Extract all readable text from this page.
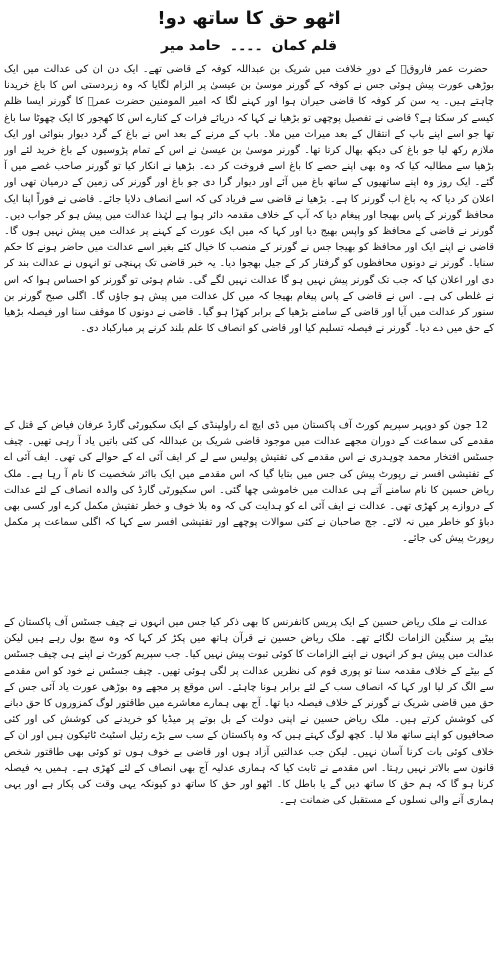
اٹھو حق کا ساتھ دو!
قلم کمان ۔۔۔۔ حامد میر

حضرت عمر فاروقؓ کے دورِ خلافت میں شریک بن عبداللہ کوفہ کے قاضی تھے۔ ایک دن ان کی عدالت میں ایک بوڑھی عورت پیش ہوئی جس نے کوفہ کے گورنر موسیٰ بن عیسیٰ پر الزام لگایا کہ وہ زبردستی اس کا باغ خریدنا چاہتے ہیں۔ یہ سن کر کوفہ کا قاضی حیران ہوا اور کہنے لگا کہ امیر المومنین حضرت عمرؓ کا گورنر ایسا ظلم کیسے کر سکتا ہے؟ قاضی نے تفصیل پوچھی تو بڑھیا نے کہا کہ دریائے فرات کے کنارے اس کا کھجور کا ایک چھوٹا سا باغ تھا جو اسے اپنے باپ کے انتقال کے بعد میراث میں ملا۔ باپ کے مرنے کے بعد اس نے باغ کے گرد دیوار بنوائی اور ایک ملازم رکھ لیا جو باغ کی دیکھ بھال کرتا تھا۔ گورنر موسیٰ بن عیسیٰ نے اس کے تمام پڑوسیوں کے باغ خرید لئے اور بڑھیا سے مطالبہ کیا کہ وہ بھی اپنے حصے کا باغ اسے فروخت کر دے۔ بڑھیا نے انکار کیا تو گورنر صاحب غصے میں آ گئے۔ ایک روز وہ اپنے ساتھیوں کے ساتھ باغ میں آئے اور دیوار گرا دی جو باغ اور گورنر کی زمین کے درمیان تھی اور اعلان کر دیا کہ یہ باغ اب گورنر کا ہے۔ بڑھیا نے قاضی سے فریاد کی کہ اسے انصاف دلایا جائے۔ قاضی نے فوراً اپنا ایک محافظ گورنر کے پاس بھیجا اور پیغام دیا کہ آپ کے خلاف مقدمہ دائر ہوا ہے لہٰذا عدالت میں پیش ہو کر جواب دیں۔ گورنر نے قاضی کے محافظ کو واپس بھیج دیا اور کہا کہ میں ایک عورت کے کہنے پر عدالت میں پیش نہیں ہوں گا۔ قاضی نے اپنے ایک اور محافظ کو بھیجا جس نے گورنر کے منصب کا خیال کئے بغیر اسے عدالت میں حاضر ہونے کا حکم سنایا۔ گورنر نے دونوں محافظوں کو گرفتار کر کے جیل بھجوا دیا۔ یہ خبر قاضی تک پہنچی تو انہوں نے عدالت بند کر دی اور اعلان کیا کہ جب تک گورنر پیش نہیں ہو گا عدالت نہیں لگے گی۔ شام ہوئی تو گورنر کو احساس ہوا کہ اس نے غلطی کی ہے۔ اس نے قاضی کے پاس پیغام بھیجا کہ میں کل عدالت میں پیش ہو جاؤں گا۔ اگلی صبح گورنر بن سنور کر عدالت میں آیا اور قاضی کے سامنے بڑھیا کے برابر کھڑا ہو گیا۔ قاضی نے دونوں کا موقف سنا اور فیصلہ بڑھیا کے حق میں دے دیا۔ گورنر نے فیصلہ تسلیم کیا اور قاضی کو انصاف کا علم بلند کرنے پر مبارکباد دی۔

12 جون کو دوپہر سپریم کورٹ آف پاکستان میں ڈی ایچ اے راولپنڈی کے ایک سکیورٹی گارڈ عرفان فیاض کے قتل کے مقدمے کی سماعت کے دوران مجھے عدالت میں موجود قاضی شریک بن عبداللہ کی کئی باتیں یاد آ رہی تھیں۔ چیف جسٹس افتخار محمد چوہدری نے اس مقدمے کی تفتیش پولیس سے لے کر ایف آئی اے کے حوالے کی تھی۔ ایف آئی اے کے تفتیشی افسر نے رپورٹ پیش کی جس میں بتایا گیا کہ اس مقدمے میں ایک بااثر شخصیت کا نام آ رہا ہے۔ ملک ریاض حسین کا نام سامنے آتے ہی عدالت میں خاموشی چھا گئی۔ اس سکیورٹی گارڈ کی والدہ انصاف کے لئے عدالت کے دروازے پر کھڑی تھی۔ عدالت نے ایف آئی اے کو ہدایت کی کہ وہ بلا خوف و خطر تفتیش مکمل کرے اور کسی بھی دباؤ کو خاطر میں نہ لائے۔ جج صاحبان نے کئی سوالات پوچھے اور تفتیشی افسر سے کہا کہ اگلی سماعت پر مکمل رپورٹ پیش کی جائے۔

عدالت نے ملک ریاض حسین کے ایک پریس کانفرنس کا بھی ذکر کیا جس میں انہوں نے چیف جسٹس آف پاکستان کے بیٹے پر سنگین الزامات لگائے تھے۔ ملک ریاض حسین نے قرآن ہاتھ میں پکڑ کر کہا کہ وہ سچ بول رہے ہیں لیکن عدالت میں پیش ہو کر انہوں نے اپنے الزامات کا کوئی ثبوت پیش نہیں کیا۔ جب سپریم کورٹ نے اپنے ہی چیف جسٹس کے بیٹے کے خلاف مقدمہ سنا تو پوری قوم کی نظریں عدالت پر لگی ہوئی تھیں۔ چیف جسٹس نے خود کو اس مقدمے سے الگ کر لیا اور کہا کہ انصاف سب کے لئے برابر ہونا چاہئے۔ اس موقع پر مجھے وہ بوڑھی عورت یاد آئی جس کے حق میں قاضی شریک نے گورنر کے خلاف فیصلہ دیا تھا۔ آج بھی ہمارے معاشرے میں طاقتور لوگ کمزوروں کا حق دبانے کی کوشش کرتے ہیں۔ ملک ریاض حسین نے اپنی دولت کے بل بوتے پر میڈیا کو خریدنے کی کوشش کی اور کئی صحافیوں کو اپنے ساتھ ملا لیا۔ کچھ لوگ کہتے ہیں کہ وہ پاکستان کے سب سے بڑے رئیل اسٹیٹ ٹائیکون ہیں اور ان کے خلاف کوئی بات کرنا آسان نہیں۔ لیکن جب عدالتیں آزاد ہوں اور قاضی بے خوف ہوں تو کوئی بھی طاقتور شخص قانون سے بالاتر نہیں رہتا۔ اس مقدمے نے ثابت کیا کہ ہماری عدلیہ آج بھی انصاف کے لئے کھڑی ہے۔ ہمیں یہ فیصلہ کرنا ہو گا کہ ہم حق کا ساتھ دیں گے یا باطل کا۔ اٹھو اور حق کا ساتھ دو کیونکہ یہی وقت کی پکار ہے اور یہی ہماری آنے والی نسلوں کے مستقبل کی ضمانت ہے۔
